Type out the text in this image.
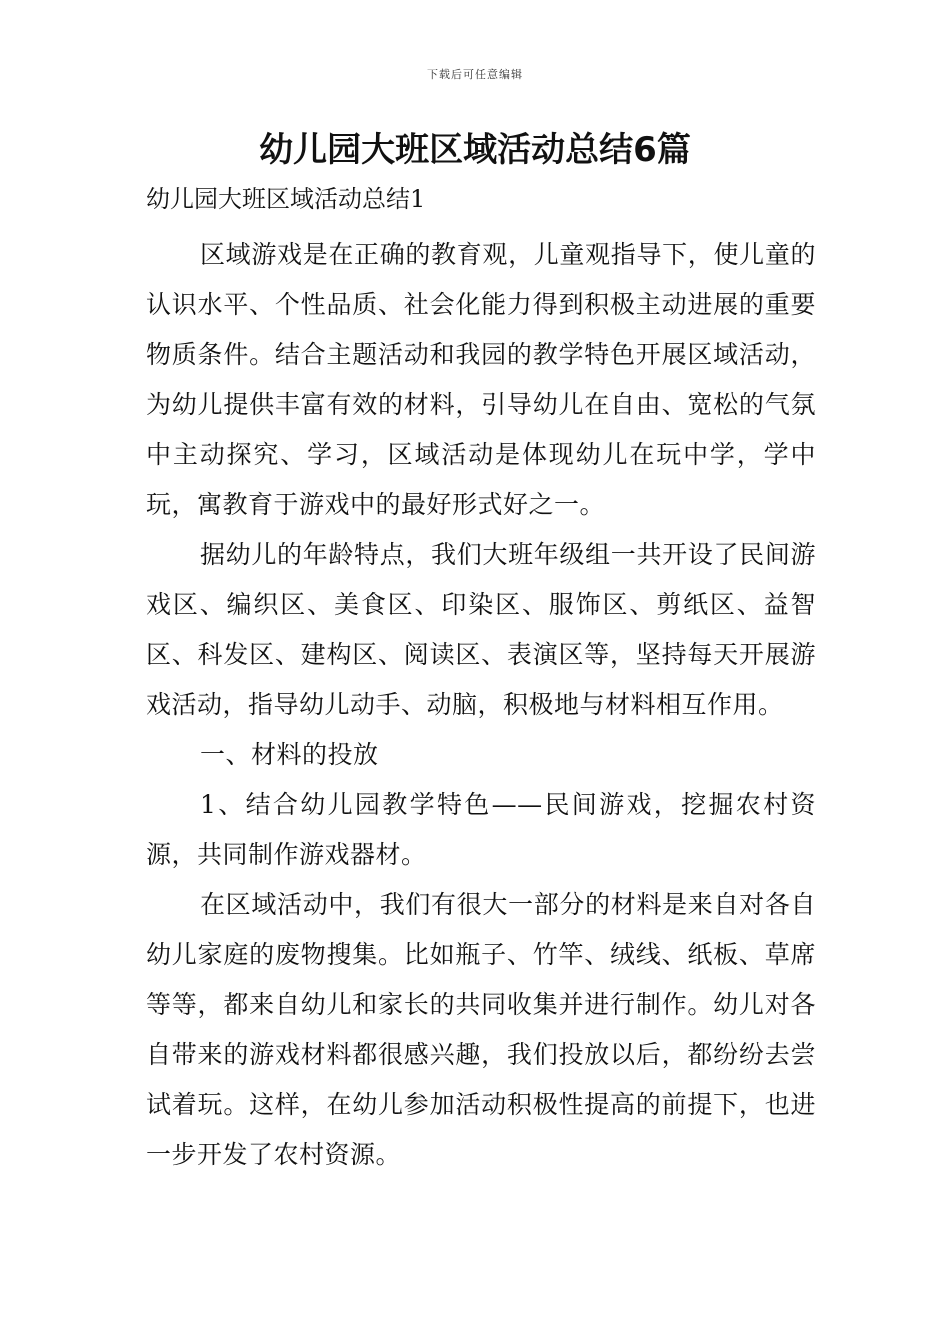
下载后可任意编辑
幼儿园大班区域活动总结6篇

幼儿园大班区域活动总结1

区域游戏是在正确的教育观，儿童观指导下，使儿童的认识水平、个性品质、社会化能力得到积极主动进展的重要物质条件。结合主题活动和我园的教学特色开展区域活动，为幼儿提供丰富有效的材料，引导幼儿在自由、宽松的气氛中主动探究、学习，区域活动是体现幼儿在玩中学，学中玩，寓教育于游戏中的最好形式好之一。

据幼儿的年龄特点，我们大班年级组一共开设了民间游戏区、编织区、美食区、印染区、服饰区、剪纸区、益智区、科发区、建构区、阅读区、表演区等，坚持每天开展游戏活动，指导幼儿动手、动脑，积极地与材料相互作用。

一、材料的投放

1、结合幼儿园教学特色——民间游戏，挖掘农村资源，共同制作游戏器材。

在区域活动中，我们有很大一部分的材料是来自对各自幼儿家庭的废物搜集。比如瓶子、竹竿、绒线、纸板、草席等等，都来自幼儿和家长的共同收集并进行制作。幼儿对各自带来的游戏材料都很感兴趣，我们投放以后，都纷纷去尝试着玩。这样，在幼儿参加活动积极性提高的前提下，也进一步开发了农村资源。
